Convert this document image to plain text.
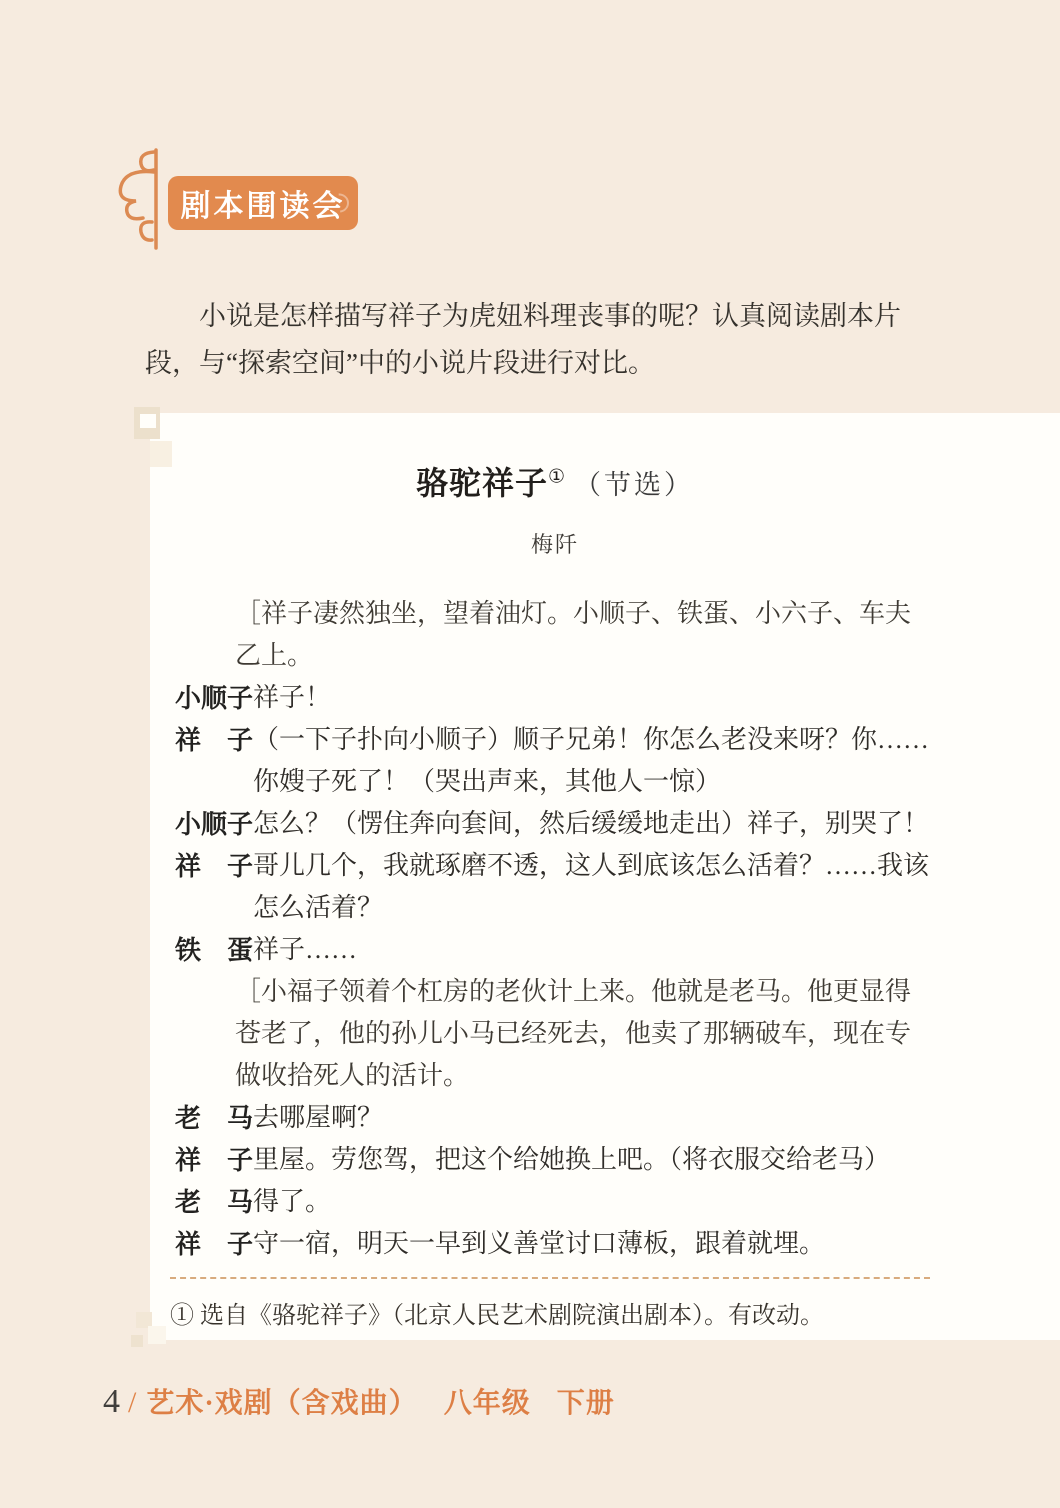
剧本围读会

小说是怎样描写祥子为虎妞料理丧事的呢？认真阅读剧本片段，与“探索空间”中的小说片段进行对比。

骆驼祥子① （节选）
梅阡
［祥子凄然独坐，望着油灯。小顺子、铁蛋、小六子、车夫乙上。
小顺子 祥子！
祥　子 （一下子扑向小顺子）顺子兄弟！你怎么老没来呀？你……你嫂子死了！（哭出声来，其他人一惊）
小顺子 怎么？（愣住奔向套间，然后缓缓地走出）祥子，别哭了！
祥　子 哥儿几个，我就琢磨不透，这人到底该怎么活着？……我该怎么活着？
铁　蛋 祥子……
［小福子领着个杠房的老伙计上来。他就是老马。他更显得苍老了，他的孙儿小马已经死去，他卖了那辆破车，现在专做收拾死人的活计。
老　马 去哪屋啊？
祥　子 里屋。劳您驾，把这个给她换上吧。（将衣服交给老马）
老　马 得了。
祥　子 守一宿，明天一早到义善堂讨口薄板，跟着就埋。
① 选自《骆驼祥子》（北京人民艺术剧院演出剧本）。有改动。
4 / 艺术·戏剧（含戏曲） 八年级 下册
